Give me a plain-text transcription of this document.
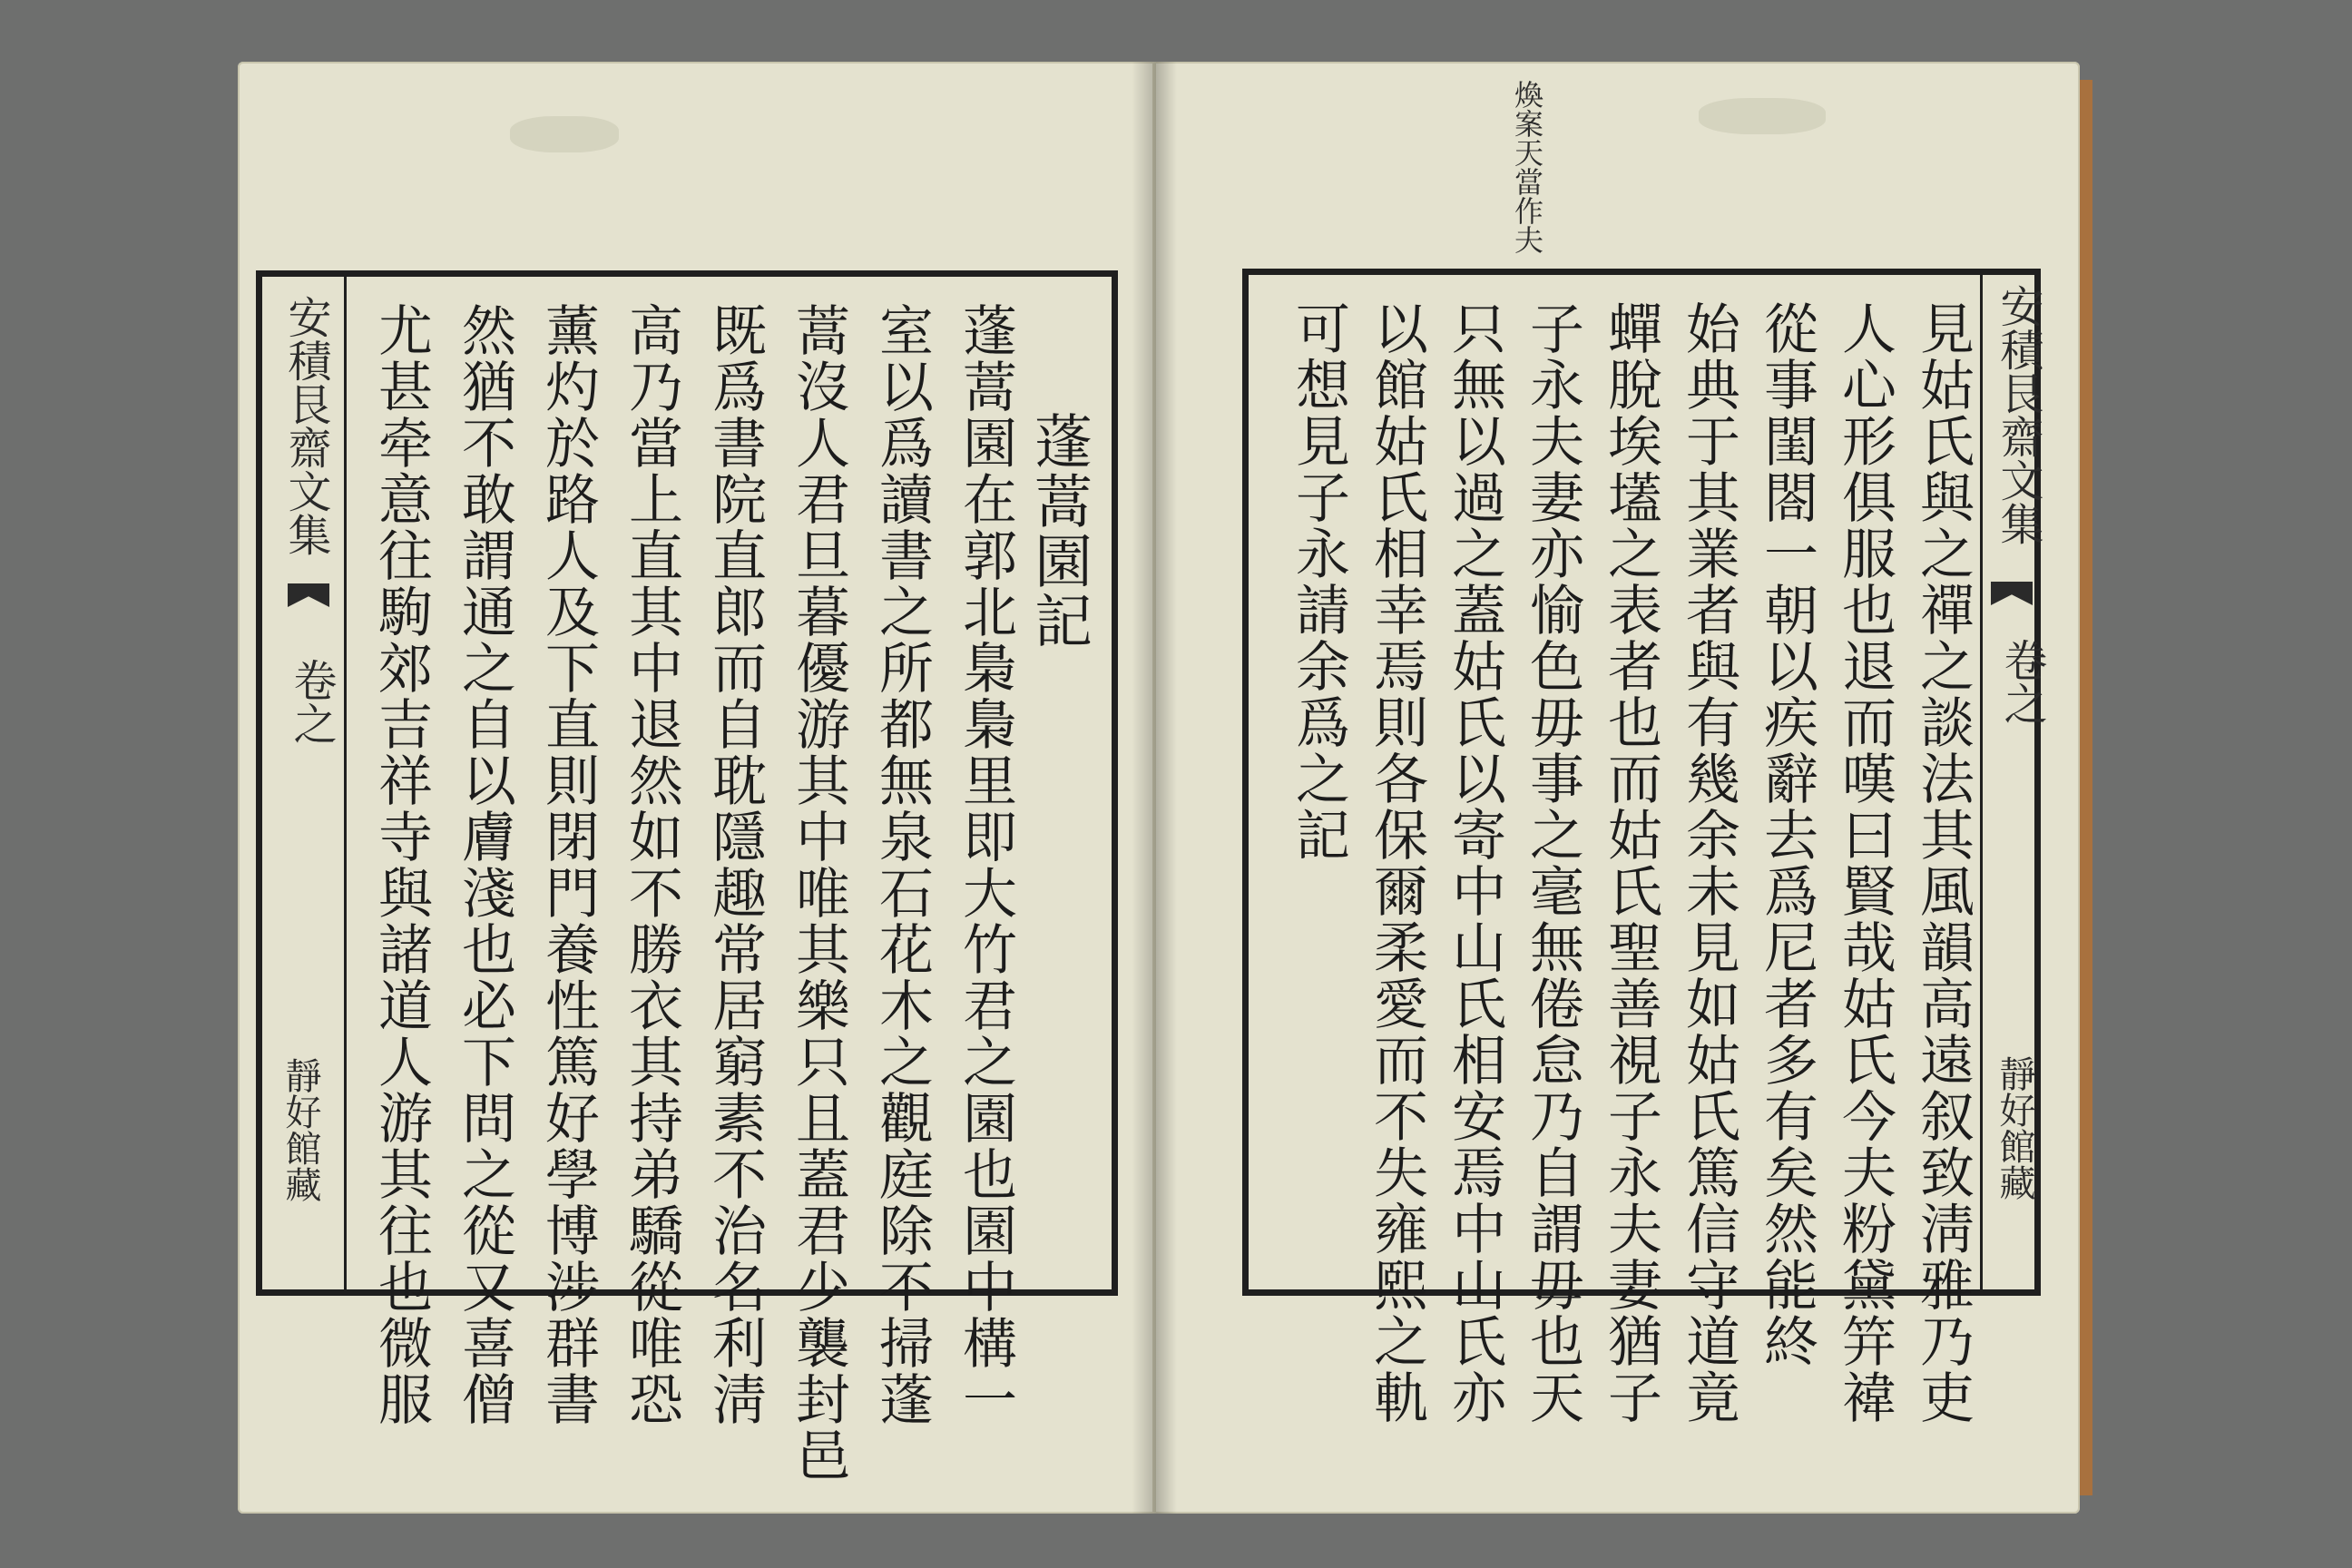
安積艮齋文集
卷之
靜好館藏 尤甚牵意往駒郊吉祥寺與諸道人游其往也微服 然猶不敢謂通之自以膚淺也必下問之從又喜僧 薰灼於路人及下直則閉門養性篤好學博涉群書 高乃當上直其中退然如不勝衣其持弟驕從唯恐 既爲書院直郎而自耽隱趣常居窮素不治名利淸 蒿沒人君旦暮優游其中唯其樂只且蓋君少襲封邑 室以爲讀書之所都無泉石花木之觀庭除不掃蓬 蓬蒿園在郭北梟梟里即大竹君之園也園中構一 蓬蒿園記
煥案天當作夫
可想見子永請余爲之記 以館姑氏相幸焉則各保爾柔愛而不失雍熙之軌 只無以過之蓋姑氏以寄中山氏相安焉中山氏亦 子永夫妻亦愉色毋事之毫無倦怠乃自謂毋也天 蟬脫埃壒之表者也而姑氏聖善視子永夫妻猶子 始典于其業者與有幾余未見如姑氏篤信守道竟 從事閨閤一朝以疾辭去爲尼者多有矣然能終 人心形俱服也退而嘆曰賢哉姑氏今夫粉黛笄褘 見姑氏與之禪之談法其風韻高遠叙致淸雅乃吏 安積艮齋文集
卷之
靜好館藏
